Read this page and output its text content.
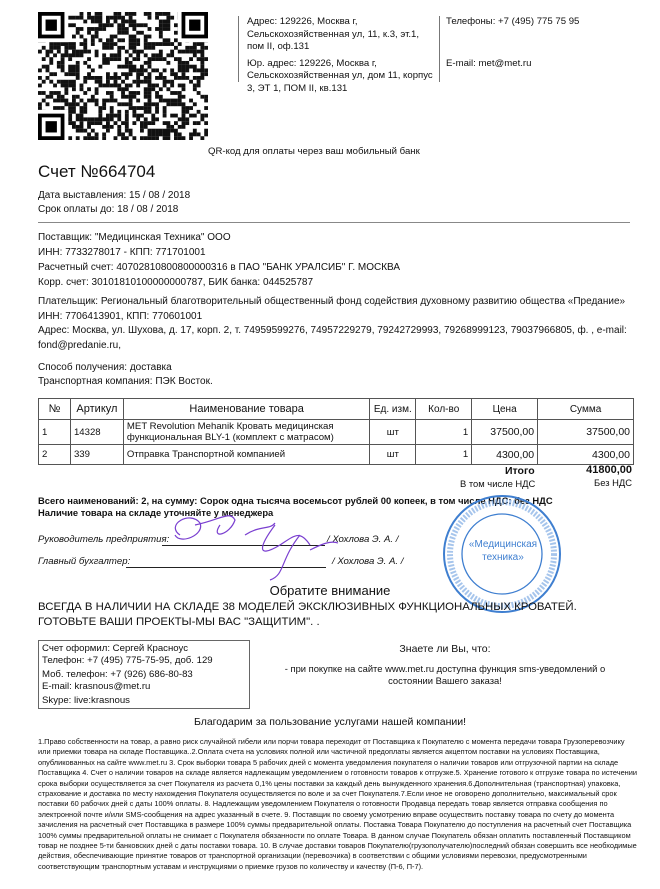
Адрес: 129226, Москва г,
Сельскохозяйственная ул, 11, к.3, эт.1,
пом II, оф.131
Юр. адрес: 129226, Москва г,
Сельскохозяйственная ул, дом 11, корпус
3, ЭТ 1, ПОМ II, кв.131
Телефоны: +7 (495) 775 75 95
E-mail: met@met.ru
QR-код для оплаты через ваш мобильный банк
Счет №664704
Дата выставления: 15 / 08 / 2018
Срок оплаты до: 18 / 08 / 2018
Поставщик: "Медицинская Техника" ООО
ИНН: 7733278017 - КПП: 771701001
Расчетный счет: 40702810800800000316 в ПАО "БАНК УРАЛСИБ" Г. МОСКВА
Корр. счет: 30101810100000000787, БИК банка: 044525787
Плательщик: Региональный благотворительный общественный фонд содействия духовному развитию общества «Предание»
ИНН: 7706413901, КПП: 770601001
Адрес: Москва, ул. Шухова, д. 17, корп. 2, т. 74959599276, 74957229279, 79242729993, 79268999123, 79037966805, ф. , e-mail:
fond@predanie.ru,
Способ получения: доставка
Транспортная компания: ПЭК Восток.
№	Артикул	Наименование товара	Ед. изм.	Кол-во	Цена	Сумма
1	14328	MET Revolution Mehanik Кровать медицинская функциональная BLY-1 (комплект с матрасом)	шт	1	37500,00	37500,00
2	339	Отправка Транспортной компанией	шт	1	4300,00	4300,00
Итого	41800,00
В том числе НДС	Без НДС
Всего наименований: 2, на сумму: Сорок одна тысяча восемьсот рублей 00 копеек, в том числе НДС: без НДС
Наличие товара на складе уточняйте у менеджера
«Медицинская
техника»
Руководитель предприятия:	/ Хохлова Э. А. /
Главный бухгалтер:	/ Хохлова Э. А. /
Обратите внимание
ВСЕГДА В НАЛИЧИИ НА СКЛАДЕ 38 МОДЕЛЕЙ ЭКСКЛЮЗИВНЫХ ФУНКЦИОНАЛЬНЫХ КРОВАТЕЙ.
ГОТОВЬТЕ ВАШИ ПРОЕКТЫ-МЫ ВАС "ЗАЩИТИМ". .
Счет оформил: Сергей Красноус
Телефон: +7 (495) 775-75-95, доб. 129
Моб. телефон: +7 (926) 686-80-83
E-mail: krasnous@met.ru
Skype: live:krasnous
Знаете ли Вы, что:
- при покупке на сайте www.met.ru доступна функция sms-уведомлений о
состоянии Вашего заказа!
Благодарим за пользование услугами нашей компании!
1.Право собственности на товар, а равно риск случайной гибели или порчи товара переходит от Поставщика к Покупателю с момента передачи товара Грузоперевозчику или приемки товара на складе Поставщика..2.Оплата счета на условиях полной или частичной предоплаты является акцептом поставки на условиях Поставщика, опубликованных на сайте www.met.ru 3. Срок выборки товара 5 рабочих дней с момента уведомления покупателя о наличии товаров или отгрузочной партии на складе Поставщика 4. Счет о наличии товаров на складе является надлежащим уведомлением о готовности товаров к отгрузке.5. Хранение готового к отгрузке товара по истечении срока выборки осуществляется за счет Покупателя из расчета 0,1% цены поставки за каждый день вынужденного хранения.6.Дополнительная (транспортная) упаковка, страхование и доставка по месту нахождения Покупателя осуществляется по воле и за счет Покупателя.7.Если иное не оговорено дополнительно, максимальный срок поставки 60 рабочих дней с даты 100% оплаты. 8. Надлежащим уведомлением Покупателя о готовности Продавца передать товар является отправка сообщения по электронной почте и/или SMS-сообщения на адрес указанный в счете. 9. Поставщик по своему усмотрению вправе осуществить поставку товара по счету до момента зачисления на расчетный счет Поставщика в размере 100% суммы предварительной оплаты. Поставка Товара Покупателю до поступления на расчетный счет Поставщика 100% суммы предварительной оплаты не снимает с Покупателя обязанности по оплате Товара. В данном случае Покупатель обязан оплатить поставленный Поставщиком товар не позднее 5-ти банковских дней с даты поставки товара. 10. В случае доставки товаров Покупателю(грузополучателю)последний обязан совершить все необходимые действия, обеспечивающие принятие товаров от транспортной организации (перевозчика) в соответствии с общими условиями перевозки, предусмотренными соответствующим транспортным уставам и инструкциями о приемке грузов по количеству и качеству (П-6, П-7).
